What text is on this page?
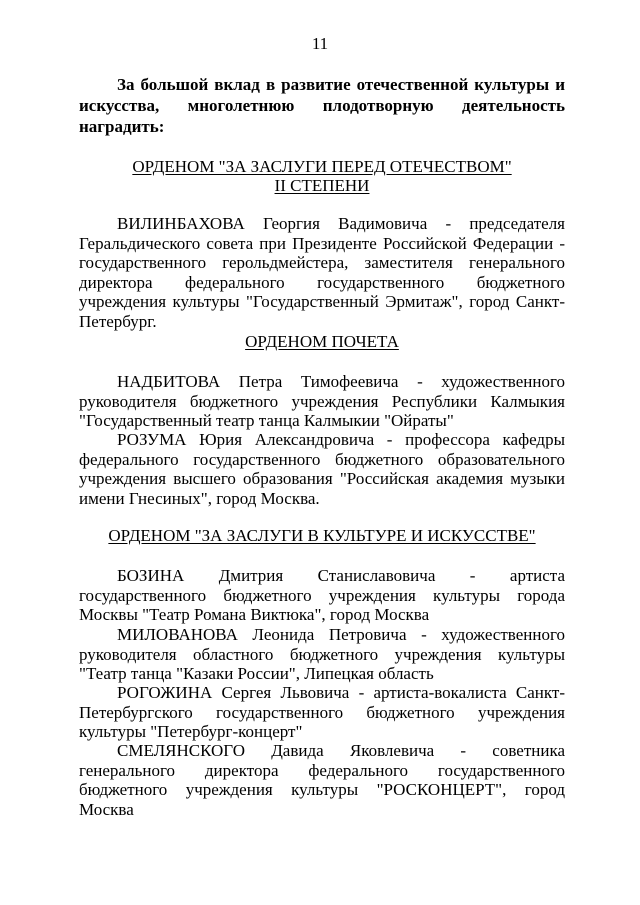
11
За большой вклад в развитие отечественной культуры и искусства, многолетнюю плодотворную деятельность наградить:
ОРДЕНОМ "ЗА ЗАСЛУГИ ПЕРЕД ОТЕЧЕСТВОМ"
II СТЕПЕНИ
ВИЛИНБАХОВА Георгия Вадимовича - председателя Геральдического совета при Президенте Российской Федерации - государственного герольдмейстера, заместителя генерального директора федерального государственного бюджетного учреждения культуры "Государственный Эрмитаж", город Санкт-Петербург.
ОРДЕНОМ ПОЧЕТА
НАДБИТОВА Петра Тимофеевича - художественного руководителя бюджетного учреждения Республики Калмыкия "Государственный театр танца Калмыкии "Ойраты"
РОЗУМА Юрия Александровича - профессора кафедры федерального государственного бюджетного образовательного учреждения высшего образования "Российская академия музыки имени Гнесиных", город Москва.
ОРДЕНОМ "ЗА ЗАСЛУГИ В КУЛЬТУРЕ И ИСКУССТВЕ"
БОЗИНА Дмитрия Станиславовича - артиста государственного бюджетного учреждения культуры города Москвы "Театр Романа Виктюка", город Москва
МИЛОВАНОВА Леонида Петровича - художественного руководителя областного бюджетного учреждения культуры "Театр танца "Казаки России", Липецкая область
РОГОЖИНА Сергея Львовича - артиста-вокалиста Санкт-Петербургского государственного бюджетного учреждения культуры "Петербург-концерт"
СМЕЛЯНСКОГО Давида Яковлевича - советника генерального директора федерального государственного бюджетного учреждения культуры "РОСКОНЦЕРТ", город Москва
